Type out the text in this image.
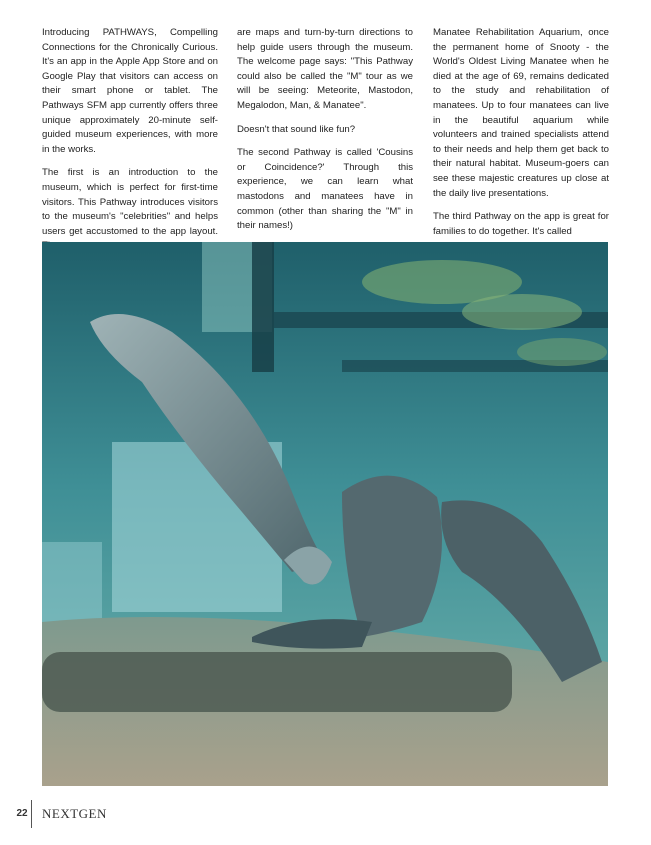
Introducing PATHWAYS, Compelling Connections for the Chronically Curious. It's an app in the Apple App Store and on Google Play that visitors can access on their smart phone or tablet. The Pathways SFM app currently offers three unique approximately 20-minute self-guided museum experiences, with more in the works.

The first is an introduction to the museum, which is perfect for first-time visitors. This Pathway introduces visitors to the museum's "celebrities" and helps users get accustomed to the app layout.

are maps and turn-by-turn directions to help guide users through the museum. The welcome page says: "This Pathway could also be called the "M" tour as we will be seeing: Meteorite, Mastodon, Megalodon, Man, & Manatee".

Doesn't that sound like fun?

The second Pathway is called 'Cousins or Coincidence?' Through this experience, we can learn what mastodons and manatees have in common (other than sharing the "M" in their names!)

Manatee Rehabilitation Aquarium, once the permanent home of Snooty - the World's Oldest Living Manatee when he died at the age of 69, remains dedicated to the study and rehabilitation of manatees. Up to four manatees can live in the beautiful aquarium while volunteers and trained specialists attend to their needs and help them get back to their natural habitat. Museum-goers can see these majestic creatures up close at the daily live presentations.

The third Pathway on the app is great for families to do together. It's called

22 NEXTGEN
